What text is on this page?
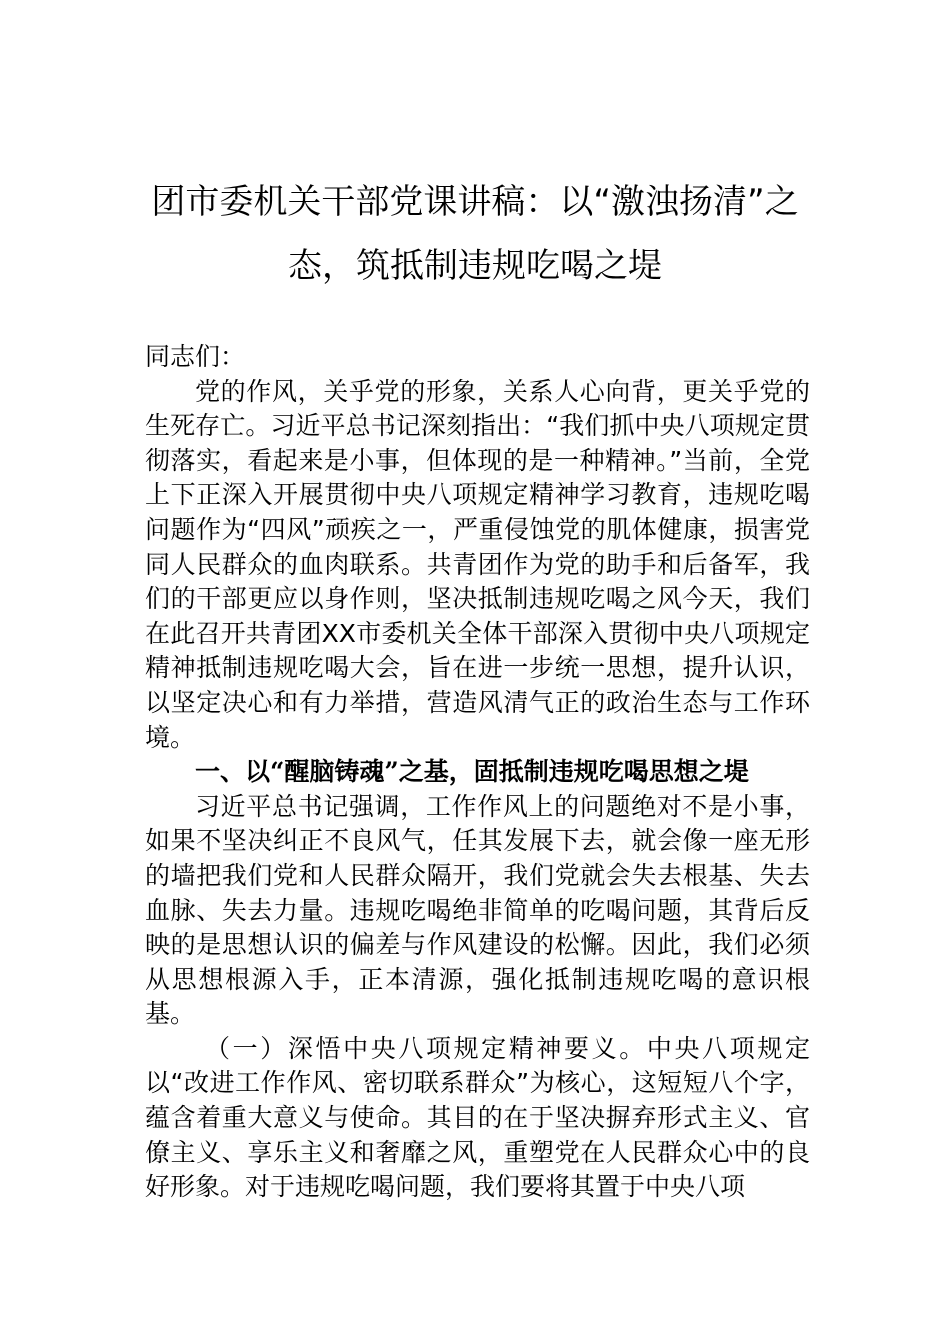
团市委机关干部党课讲稿：以“激浊扬清”之态，筑抵制违规吃喝之堤

同志们：

党的作风，关乎党的形象，关系人心向背，更关乎党的生死存亡。习近平总书记深刻指出：“我们抓中央八项规定贯彻落实，看起来是小事，但体现的是一种精神。”当前，全党上下正深入开展贯彻中央八项规定精神学习教育，违规吃喝问题作为“四风”顽疾之一，严重侵蚀党的肌体健康，损害党同人民群众的血肉联系。共青团作为党的助手和后备军，我们的干部更应以身作则，坚决抵制违规吃喝之风今天，我们在此召开共青团XX市委机关全体干部深入贯彻中央八项规定精神抵制违规吃喝大会，旨在进一步统一思想，提升认识，以坚定决心和有力举措，营造风清气正的政治生态与工作环境。

一、以“醒脑铸魂”之基，固抵制违规吃喝思想之堤

习近平总书记强调，工作作风上的问题绝对不是小事，如果不坚决纠正不良风气，任其发展下去，就会像一座无形的墙把我们党和人民群众隔开，我们党就会失去根基、失去血脉、失去力量。违规吃喝绝非简单的吃喝问题，其背后反映的是思想认识的偏差与作风建设的松懈。因此，我们必须从思想根源入手，正本清源，强化抵制违规吃喝的意识根基。

（一）深悟中央八项规定精神要义。中央八项规定以“改进工作作风、密切联系群众”为核心，这短短八个字，蕴含着重大意义与使命。其目的在于坚决摒弃形式主义、官僚主义、享乐主义和奢靡之风，重塑党在人民群众心中的良好形象。对于违规吃喝问题，我们要将其置于中央八项
